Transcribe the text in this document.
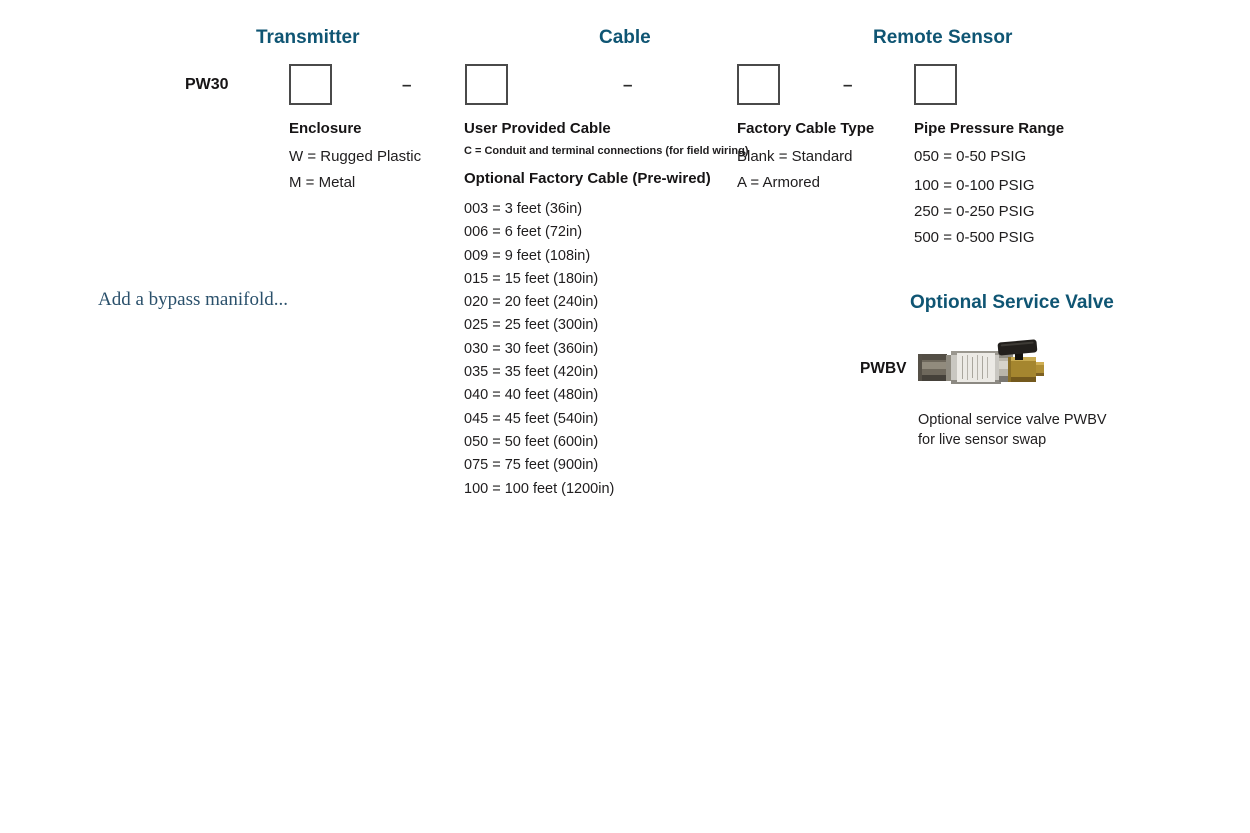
Transmitter	Cable	Remote Sensor
PW30	–	–	–
Enclosure
W = Rugged Plastic
M = Metal
User Provided Cable
C = Conduit and terminal connections (for field wiring)
Optional Factory Cable (Pre-wired)
003 = 3 feet (36in)
006 = 6 feet (72in)
009 = 9 feet (108in)
015 = 15 feet (180in)
020 = 20 feet (240in)
025 = 25 feet (300in)
030 = 30 feet (360in)
035 = 35 feet (420in)
040 = 40 feet (480in)
045 = 45 feet (540in)
050 = 50 feet (600in)
075 = 75 feet (900in)
100 = 100 feet (1200in)
Factory Cable Type
Blank = Standard
A = Armored
Pipe Pressure Range
050 = 0-50 PSIG
100 = 0-100 PSIG
250 = 0-250 PSIG
500 = 0-500 PSIG
Add a bypass manifold...	Optional Service Valve
PWBV
Optional service valve PWBV
for live sensor swap
